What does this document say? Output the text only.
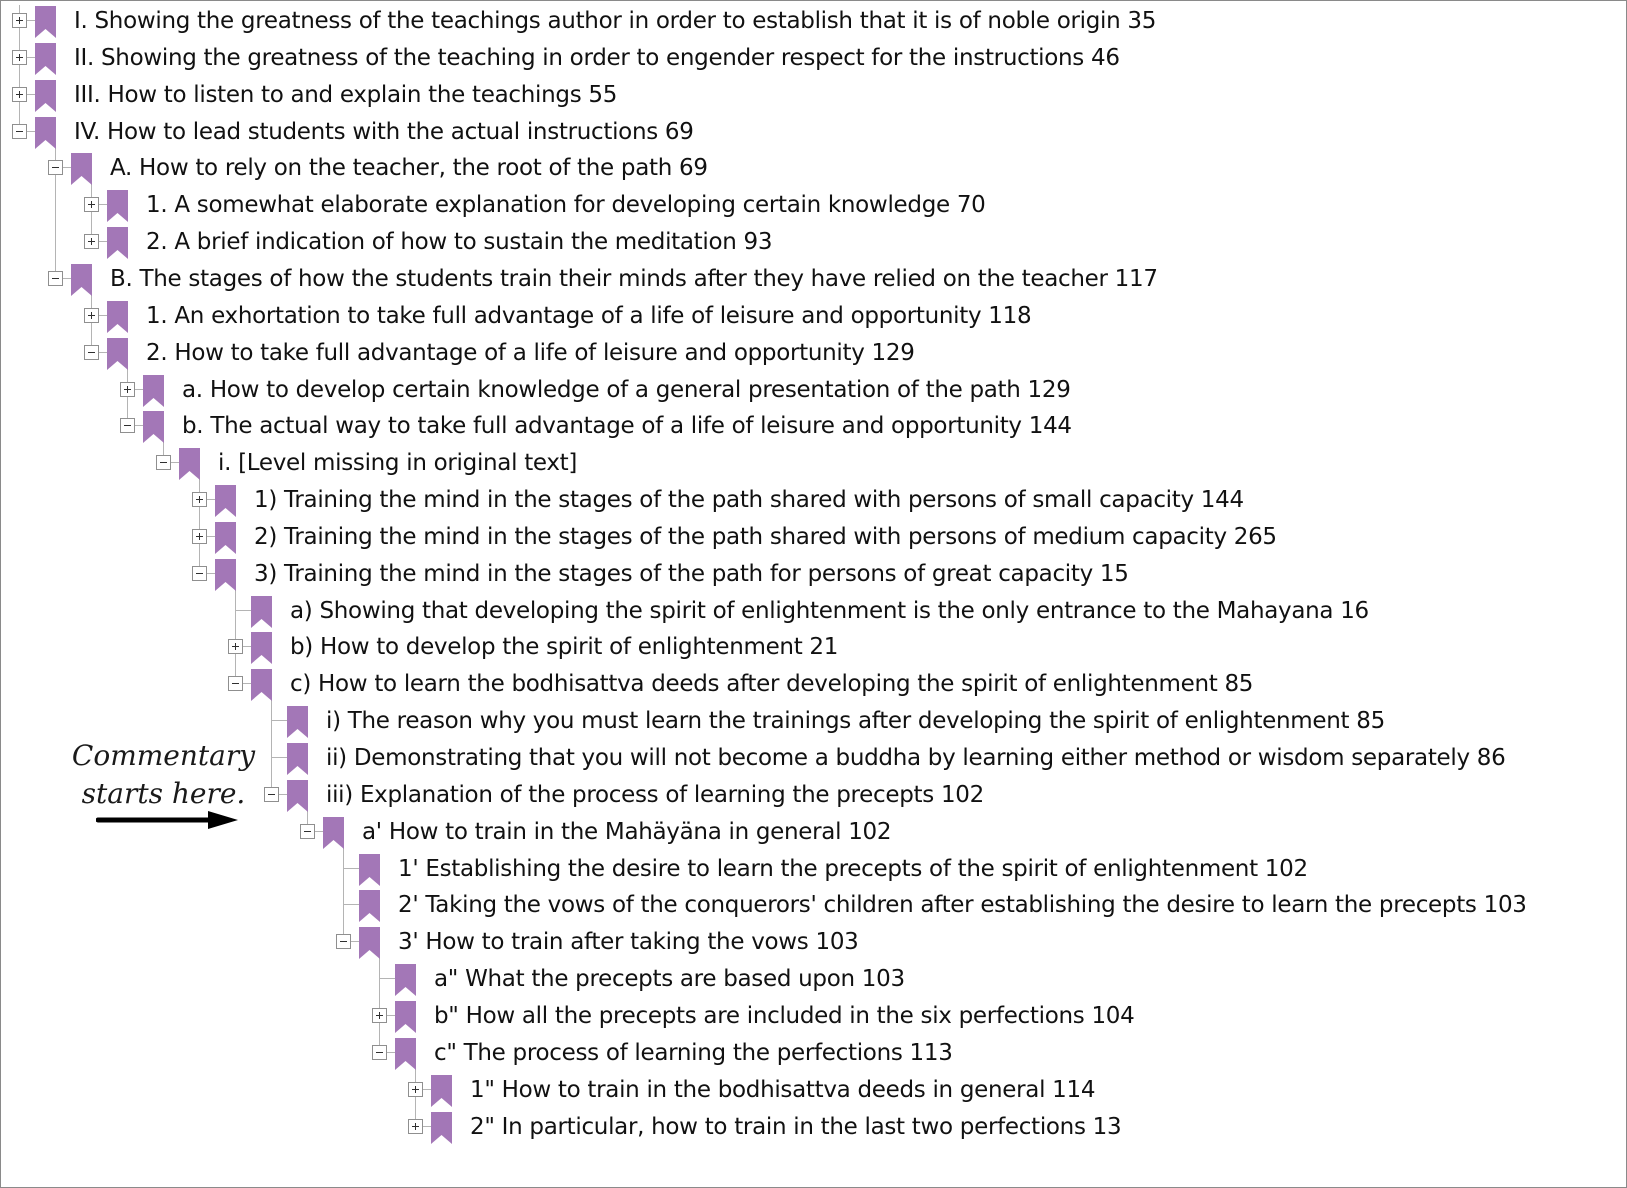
I. Showing the greatness of the teachings author in order to establish that it is of noble origin 35
II. Showing the greatness of the teaching in order to engender respect for the instructions 46
III. How to listen to and explain the teachings 55
IV. How to lead students with the actual instructions 69
A. How to rely on the teacher, the root of the path 69
1. A somewhat elaborate explanation for developing certain knowledge 70
2. A brief indication of how to sustain the meditation 93
B. The stages of how the students train their minds after they have relied on the teacher 117
1. An exhortation to take full advantage of a life of leisure and opportunity 118
2. How to take full advantage of a life of leisure and opportunity 129
a. How to develop certain knowledge of a general presentation of the path 129
b. The actual way to take full advantage of a life of leisure and opportunity 144
i. [Level missing in original text]
1) Training the mind in the stages of the path shared with persons of small capacity 144
2) Training the mind in the stages of the path shared with persons of medium capacity 265
3) Training the mind in the stages of the path for persons of great capacity 15
a) Showing that developing the spirit of enlightenment is the only entrance to the Mahayana 16
b) How to develop the spirit of enlightenment 21
c) How to learn the bodhisattva deeds after developing the spirit of enlightenment 85
i) The reason why you must learn the trainings after developing the spirit of enlightenment 85
ii) Demonstrating that you will not become a buddha by learning either method or wisdom separately 86
iii) Explanation of the process of learning the precepts 102
a' How to train in the Mahäyäna in general 102
1' Establishing the desire to learn the precepts of the spirit of enlightenment 102
2' Taking the vows of the conquerors' children after establishing the desire to learn the precepts 103
3' How to train after taking the vows 103
a" What the precepts are based upon 103
b" How all the precepts are included in the six perfections 104
c" The process of learning the perfections 113
1" How to train in the bodhisattva deeds in general 114
2" In particular, how to train in the last two perfections 13
Commentary
starts here.
